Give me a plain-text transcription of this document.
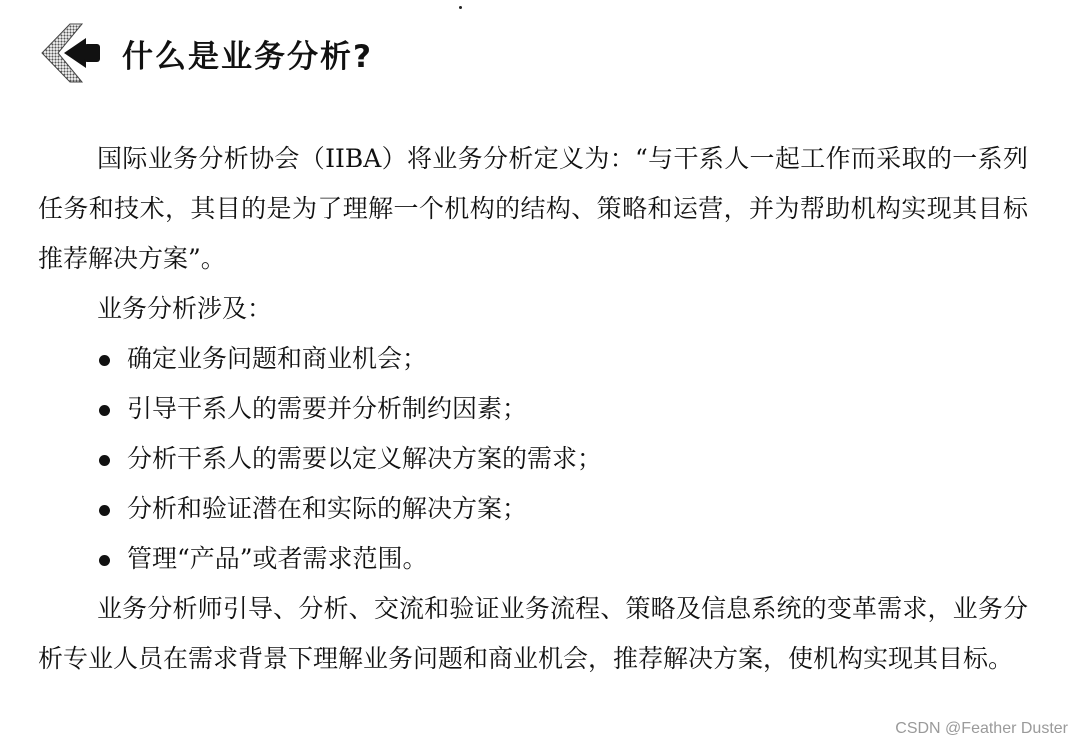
什么是业务分析?

国际业务分析协会（IIBA）将业务分析定义为：“与干系人一起工作而采取的一系列任务和技术，其目的是为了理解一个机构的结构、策略和运营，并为帮助机构实现其目标推荐解决方案”。

业务分析涉及：

确定业务问题和商业机会；
引导干系人的需要并分析制约因素；
分析干系人的需要以定义解决方案的需求；
分析和验证潜在和实际的解决方案；
管理“产品”或者需求范围。

业务分析师引导、分析、交流和验证业务流程、策略及信息系统的变革需求，业务分析专业人员在需求背景下理解业务问题和商业机会，推荐解决方案，使机构实现其目标。

CSDN @Feather Duster
